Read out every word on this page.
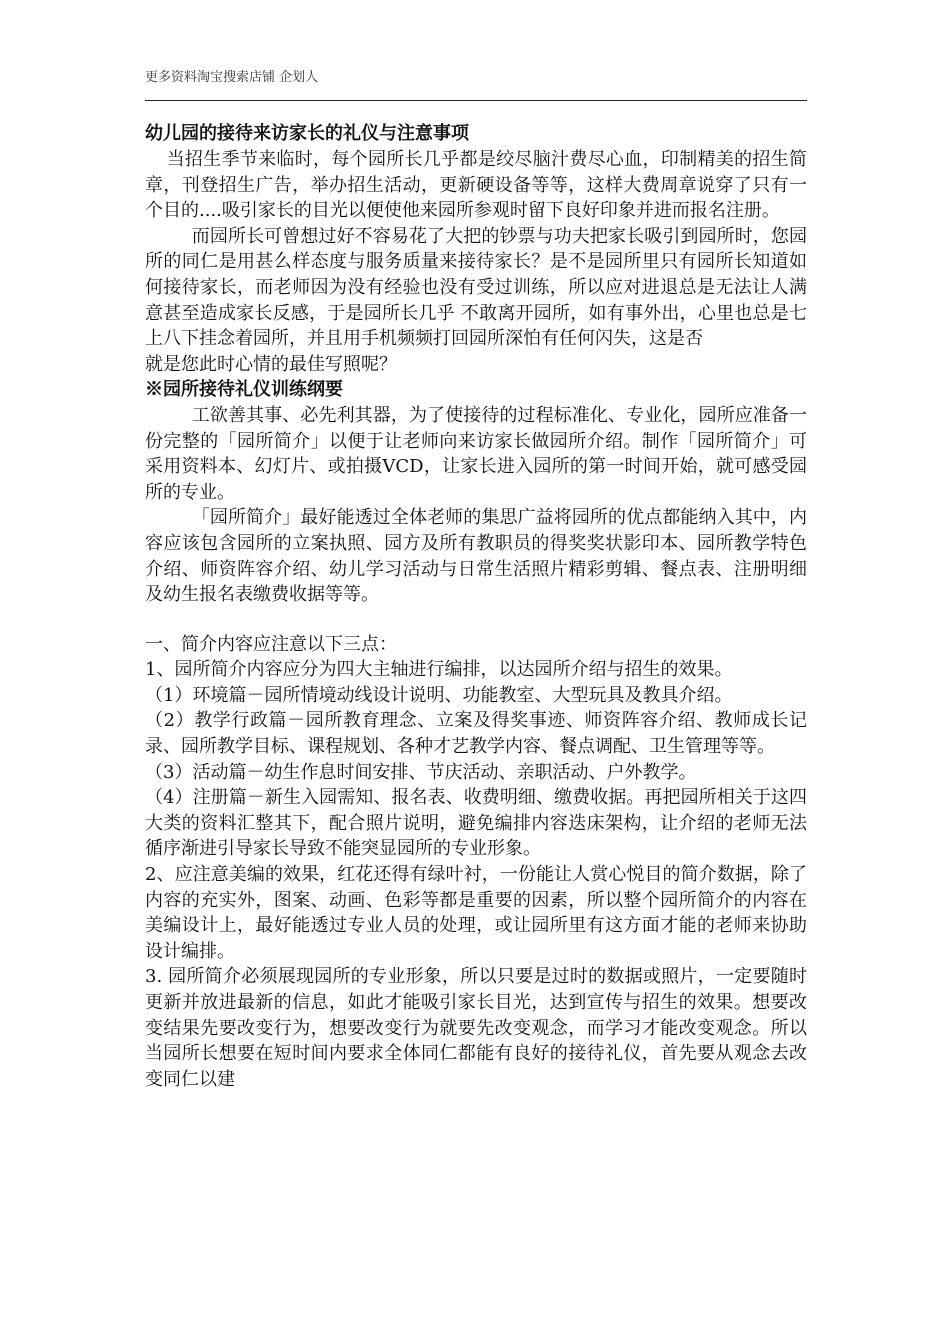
更多资料淘宝搜索店铺 企划人

幼儿园的接待来访家长的礼仪与注意事项

当招生季节来临时，每个园所长几乎都是绞尽脑汁费尽心血，印制精美的招生简章，刊登招生广告，举办招生活动，更新硬设备等等，这样大费周章说穿了只有一个目的....吸引家长的目光以便使他来园所参观时留下良好印象并进而报名注册。

而园所长可曾想过好不容易花了大把的钞票与功夫把家长吸引到园所时，您园所的同仁是用甚么样态度与服务质量来接待家长？是不是园所里只有园所长知道如何接待家长，而老师因为没有经验也没有受过训练，所以应对进退总是无法让人满意甚至造成家长反感，于是园所长几乎 不敢离开园所，如有事外出，心里也总是七上八下挂念着园所，并且用手机频频打回园所深怕有任何闪失，这是否

就是您此时心情的最佳写照呢？

※园所接待礼仪训练纲要

工欲善其事、必先利其器，为了使接待的过程标准化、专业化，园所应准备一份完整的「园所简介」以便于让老师向来访家长做园所介绍。制作「园所简介」可采用资料本、幻灯片、或拍摄VCD，让家长进入园所的第一时间开始，就可感受园所的专业。

「园所简介」最好能透过全体老师的集思广益将园所的优点都能纳入其中，内容应该包含园所的立案执照、园方及所有教职员的得奖奖状影印本、园所教学特色介绍、师资阵容介绍、幼儿学习活动与日常生活照片精彩剪辑、餐点表、注册明细及幼生报名表缴费收据等等。

一、简介内容应注意以下三点：

1、园所简介内容应分为四大主轴进行编排，以达园所介绍与招生的效果。

（1）环境篇－园所情境动线设计说明、功能教室、大型玩具及教具介绍。

（2）教学行政篇－园所教育理念、立案及得奖事迹、师资阵容介绍、教师成长记录、园所教学目标、课程规划、各种才艺教学内容、餐点调配、卫生管理等等。

（3）活动篇－幼生作息时间安排、节庆活动、亲职活动、户外教学。

（4）注册篇－新生入园需知、报名表、收费明细、缴费收据。再把园所相关于这四大类的资料汇整其下，配合照片说明，避免编排内容迭床架构，让介绍的老师无法循序渐进引导家长导致不能突显园所的专业形象。

2、应注意美编的效果，红花还得有绿叶衬，一份能让人赏心悦目的简介数据，除了内容的充实外，图案、动画、色彩等都是重要的因素，所以整个园所简介的内容在美编设计上，最好能透过专业人员的处理，或让园所里有这方面才能的老师来协助设计编排。

3. 园所简介必须展现园所的专业形象，所以只要是过时的数据或照片，一定要随时更新并放进最新的信息，如此才能吸引家长目光，达到宣传与招生的效果。想要改变结果先要改变行为，想要改变行为就要先改变观念，而学习才能改变观念。所以当园所长想要在短时间内要求全体同仁都能有良好的接待礼仪，首先要从观念去改变同仁以建
